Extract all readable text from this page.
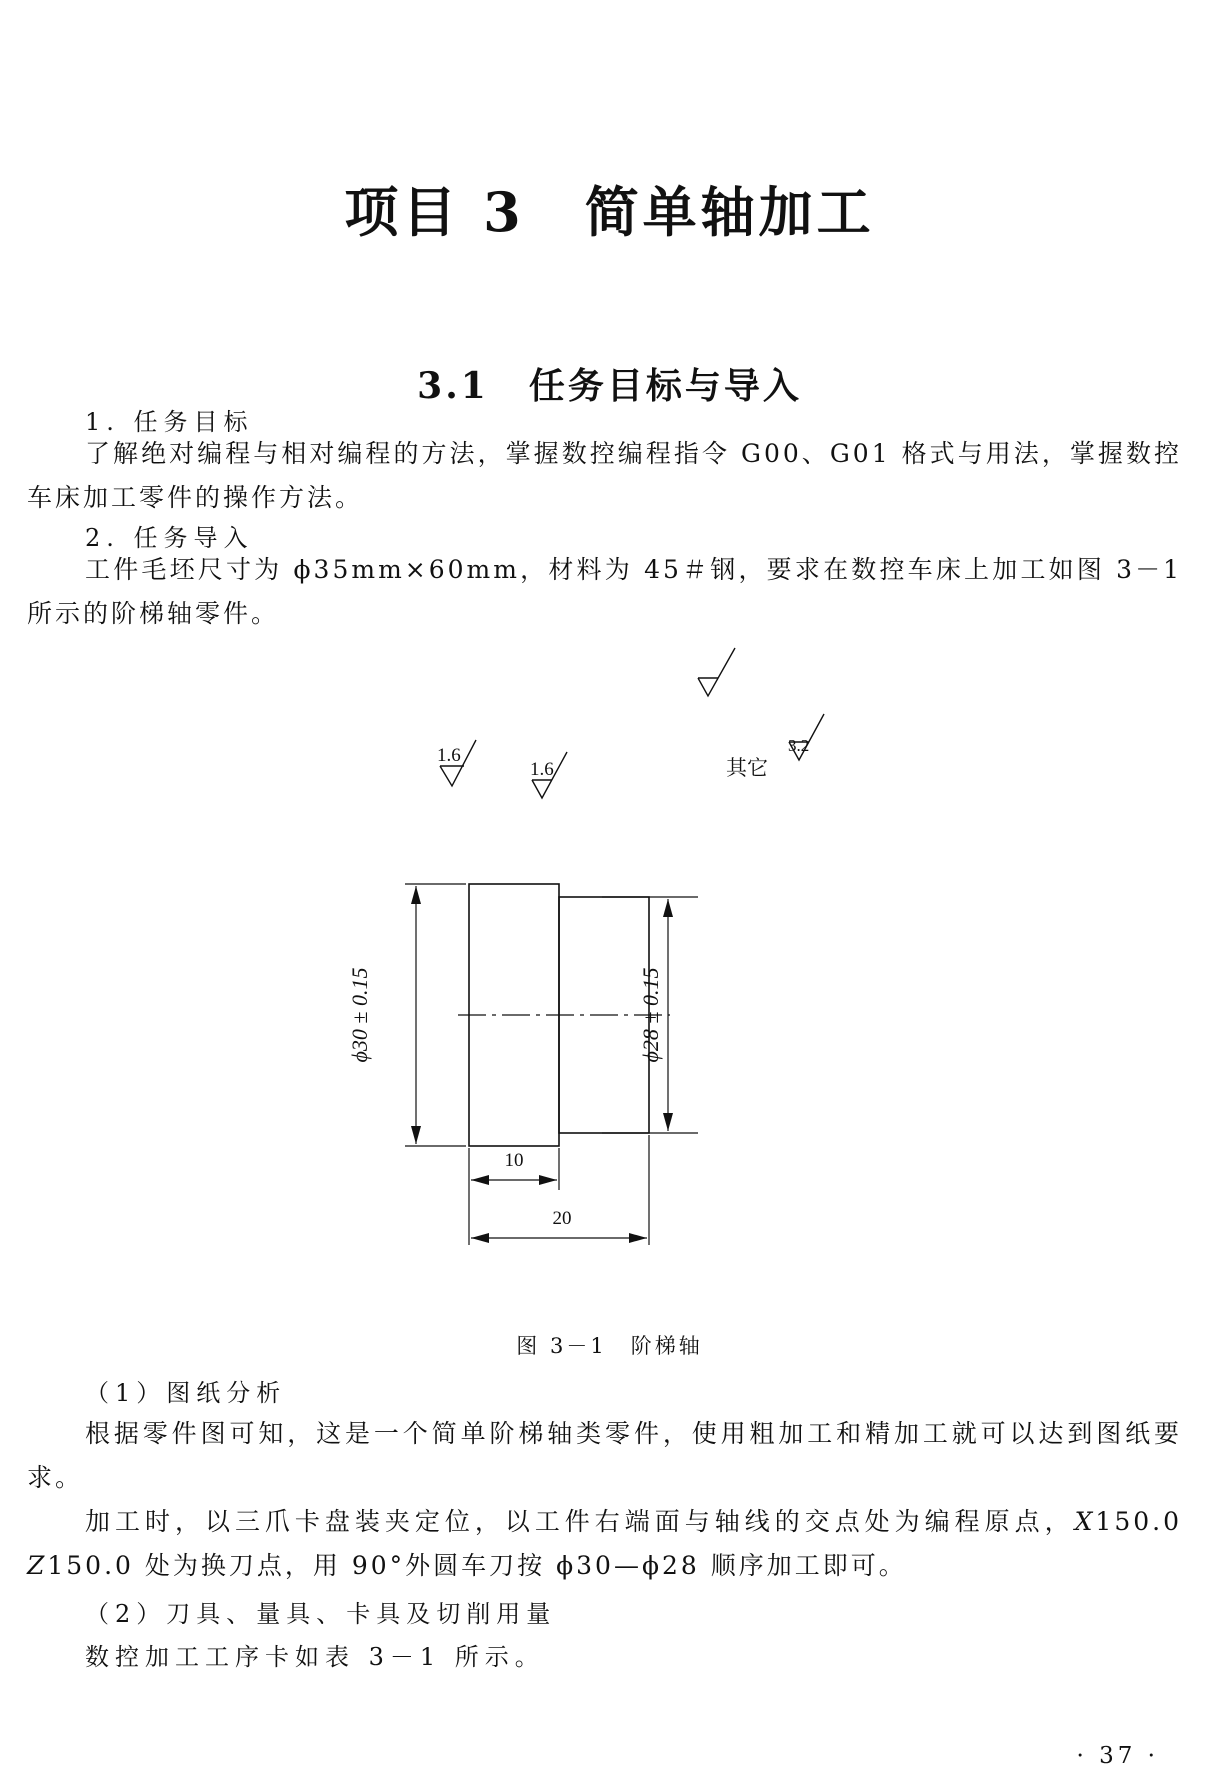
项目 3 简单轴加工
3.1 任务目标与导入
1. 任务目标

了解绝对编程与相对编程的方法，掌握数控编程指令 G00、G01 格式与用法，掌握数控车床加工零件的操作方法。

2. 任务导入

工件毛坯尺寸为 ϕ35mm×60mm，材料为 45＃钢，要求在数控车床上加工如图 3－1 所示的阶梯轴零件。

1.6
1.6
ϕ30 ± 0.15	ϕ28 ± 0.15
10
20
其它
3.2
图 3－1 阶梯轴
（1）图纸分析

根据零件图可知，这是一个简单阶梯轴类零件，使用粗加工和精加工就可以达到图纸要求。

加工时，以三爪卡盘装夹定位，以工件右端面与轴线的交点处为编程原点，X150.0 Z150.0 处为换刀点，用 90°外圆车刀按 ϕ30—ϕ28 顺序加工即可。

（2）刀具、量具、卡具及切削用量
数控加工工序卡如表 3－1 所示。
· 37 ·
